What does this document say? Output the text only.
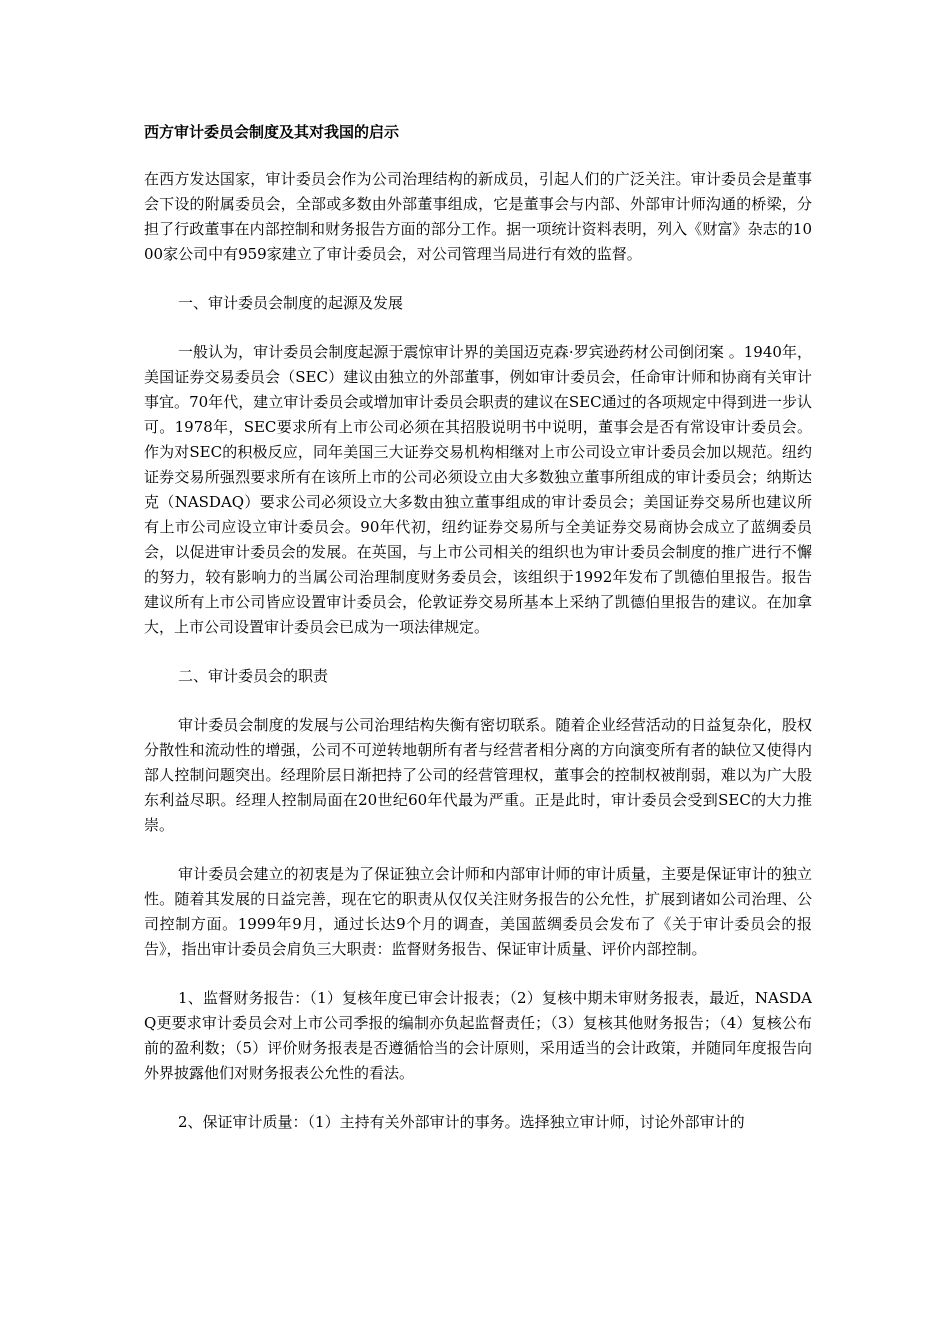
西方审计委员会制度及其对我国的启示

在西方发达国家，审计委员会作为公司治理结构的新成员，引起人们的广泛关注。审计委员会是董事会下设的附属委员会，全部或多数由外部董事组成，它是董事会与内部、外部审计师沟通的桥梁，分担了行政董事在内部控制和财务报告方面的部分工作。据一项统计资料表明，列入《财富》杂志的1000家公司中有959家建立了审计委员会，对公司管理当局进行有效的监督。

一、审计委员会制度的起源及发展

一般认为，审计委员会制度起源于震惊审计界的美国迈克森·罗宾逊药材公司倒闭案 。1940年，美国证券交易委员会（SEC）建议由独立的外部董事，例如审计委员会，任命审计师和协商有关审计事宜。70年代，建立审计委员会或增加审计委员会职责的建议在SEC通过的各项规定中得到进一步认可。1978年，SEC要求所有上市公司必须在其招股说明书中说明，董事会是否有常设审计委员会。作为对SEC的积极反应，同年美国三大证券交易机构相继对上市公司设立审计委员会加以规范。纽约证券交易所强烈要求所有在该所上市的公司必须设立由大多数独立董事所组成的审计委员会；纳斯达克（NASDAQ）要求公司必须设立大多数由独立董事组成的审计委员会；美国证券交易所也建议所有上市公司应设立审计委员会。90年代初，纽约证券交易所与全美证券交易商协会成立了蓝绸委员会，以促进审计委员会的发展。在英国，与上市公司相关的组织也为审计委员会制度的推广进行不懈的努力，较有影响力的当属公司治理制度财务委员会，该组织于1992年发布了凯德伯里报告。报告建议所有上市公司皆应设置审计委员会，伦敦证券交易所基本上采纳了凯德伯里报告的建议。在加拿大，上市公司设置审计委员会已成为一项法律规定。

二、审计委员会的职责

审计委员会制度的发展与公司治理结构失衡有密切联系。随着企业经营活动的日益复杂化，股权分散性和流动性的增强，公司不可逆转地朝所有者与经营者相分离的方向演变所有者的缺位又使得内部人控制问题突出。经理阶层日渐把持了公司的经营管理权，董事会的控制权被削弱，难以为广大股东利益尽职。经理人控制局面在20世纪60年代最为严重。正是此时，审计委员会受到SEC的大力推崇。

审计委员会建立的初衷是为了保证独立会计师和内部审计师的审计质量，主要是保证审计的独立性。随着其发展的日益完善，现在它的职责从仅仅关注财务报告的公允性，扩展到诸如公司治理、公司控制方面。1999年9月，通过长达9个月的调查，美国蓝绸委员会发布了《关于审计委员会的报告》，指出审计委员会肩负三大职责：监督财务报告、保证审计质量、评价内部控制。

1、监督财务报告：（1）复核年度已审会计报表；（2）复核中期未审财务报表，最近，NASDAQ更要求审计委员会对上市公司季报的编制亦负起监督责任；（3）复核其他财务报告；（4）复核公布前的盈利数；（5）评价财务报表是否遵循恰当的会计原则，采用适当的会计政策，并随同年度报告向外界披露他们对财务报表公允性的看法。

2、保证审计质量：（1）主持有关外部审计的事务。选择独立审计师，讨论外部审计的
